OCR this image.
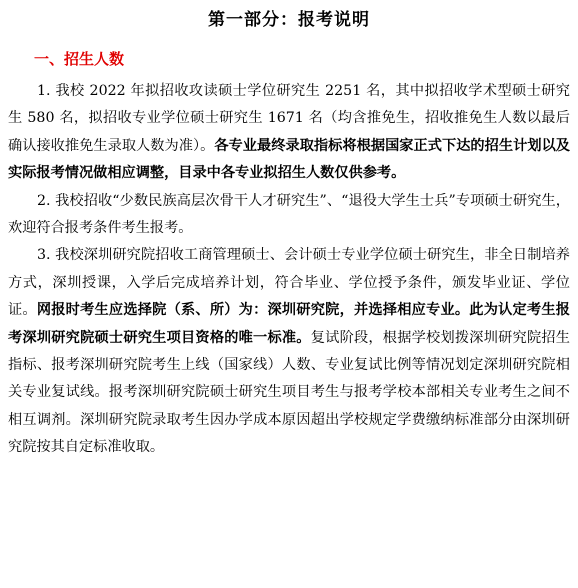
第一部分：报考说明
一、招生人数

1. 我校 2022 年拟招收攻读硕士学位研究生 2251 名，其中拟招收学术型硕士研究生 580 名，拟招收专业学位硕士研究生 1671 名（均含推免生，招收推免生人数以最后确认接收推免生录取人数为准）。各专业最终录取指标将根据国家正式下达的招生计划以及实际报考情况做相应调整，目录中各专业拟招生人数仅供参考。

2. 我校招收“少数民族高层次骨干人才研究生”、“退役大学生士兵”专项硕士研究生，欢迎符合报考条件考生报考。

3. 我校深圳研究院招收工商管理硕士、会计硕士专业学位硕士研究生，非全日制培养方式，深圳授课，入学后完成培养计划，符合毕业、学位授予条件，颁发毕业证、学位证。网报时考生应选择院（系、所）为：深圳研究院，并选择相应专业。此为认定考生报考深圳研究院硕士研究生项目资格的唯一标准。复试阶段，根据学校划拨深圳研究院招生指标、报考深圳研究院考生上线（国家线）人数、专业复试比例等情况划定深圳研究院相关专业复试线。报考深圳研究院硕士研究生项目考生与报考学校本部相关专业考生之间不相互调剂。深圳研究院录取考生因办学成本原因超出学校规定学费缴纳标准部分由深圳研究院按其自定标准收取。
